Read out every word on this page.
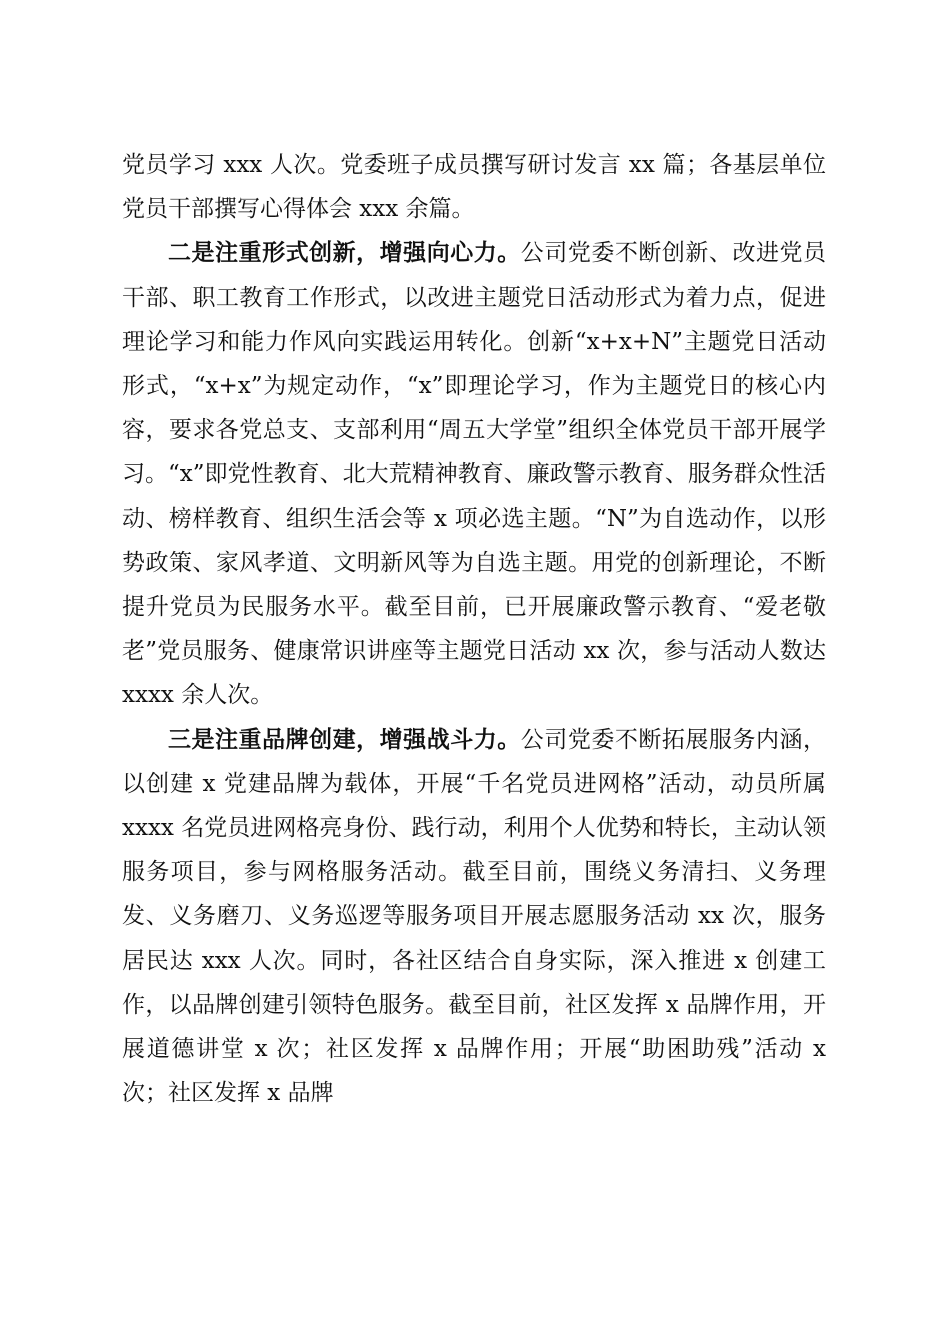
党员学习 xxx 人次。党委班子成员撰写研讨发言 xx 篇；各基层单位党员干部撰写心得体会 xxx 余篇。

二是注重形式创新，增强向心力。公司党委不断创新、改进党员干部、职工教育工作形式，以改进主题党日活动形式为着力点，促进理论学习和能力作风向实践运用转化。创新“x+x+N”主题党日活动形式，“x+x”为规定动作，“x”即理论学习，作为主题党日的核心内容，要求各党总支、支部利用“周五大学堂”组织全体党员干部开展学习。“x”即党性教育、北大荒精神教育、廉政警示教育、服务群众性活动、榜样教育、组织生活会等 x 项必选主题。“N”为自选动作，以形势政策、家风孝道、文明新风等为自选主题。用党的创新理论，不断提升党员为民服务水平。截至目前，已开展廉政警示教育、“爱老敬老”党员服务、健康常识讲座等主题党日活动 xx 次，参与活动人数达 xxxx 余人次。

三是注重品牌创建，增强战斗力。公司党委不断拓展服务内涵，以创建 x 党建品牌为载体，开展“千名党员进网格”活动，动员所属 xxxx 名党员进网格亮身份、践行动，利用个人优势和特长，主动认领服务项目，参与网格服务活动。截至目前，围绕义务清扫、义务理发、义务磨刀、义务巡逻等服务项目开展志愿服务活动 xx 次，服务居民达 xxx 人次。同时，各社区结合自身实际，深入推进 x 创建工作，以品牌创建引领特色服务。截至目前，社区发挥 x 品牌作用，开展道德讲堂 x 次；社区发挥 x 品牌作用；开展“助困助残”活动 x 次；社区发挥 x 品牌
